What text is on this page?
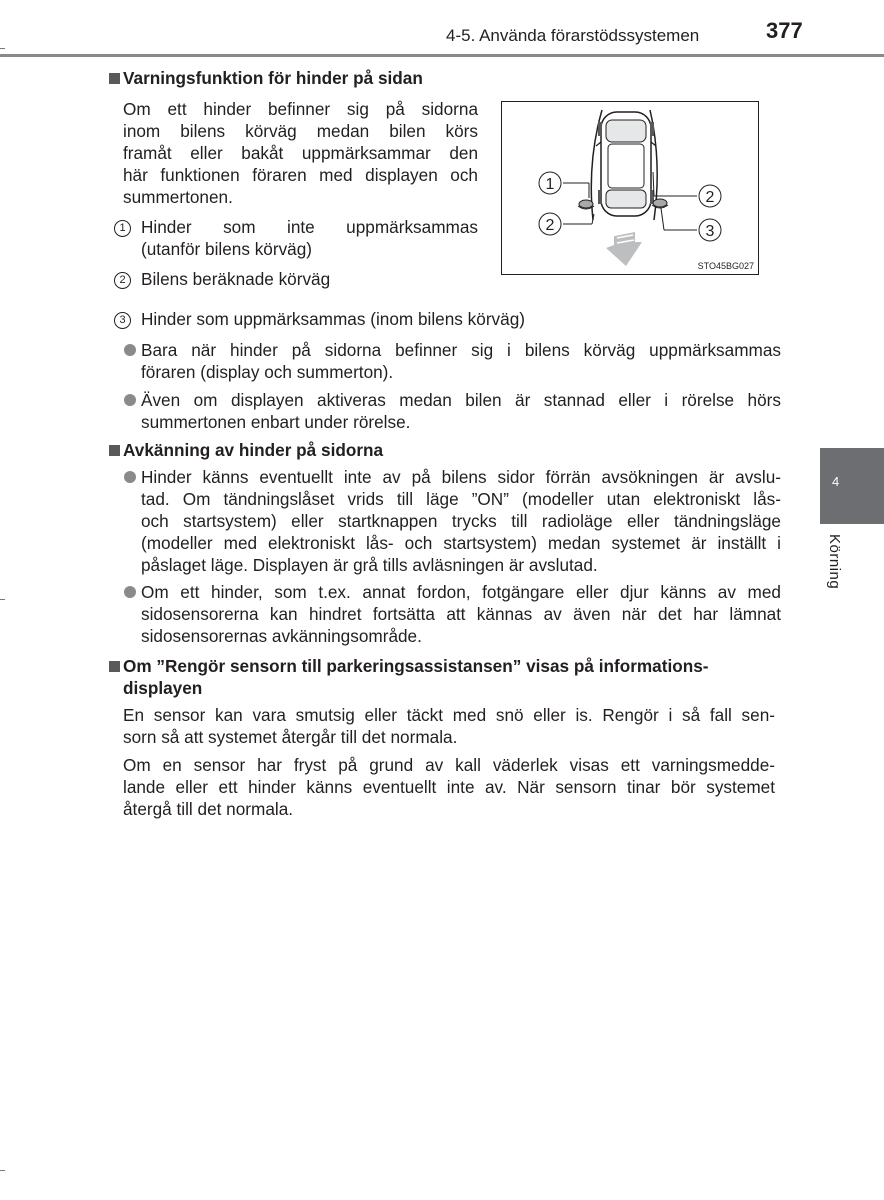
4-5. Använda förarstödssystemen	377
4
Körning
Varningsfunktion för hinder på sidan
Om ett hinder befinner sig på sidorna
inom bilens körväg medan bilen körs
framåt eller bakåt uppmärksammar den
här funktionen föraren med displayen och
summertonen.
1 Hinder som inte uppmärksammas
(utanför bilens körväg)
2 Bilens beräknade körväg
3 Hinder som uppmärksammas (inom bilens körväg)
Bara när hinder på sidorna befinner sig i bilens körväg uppmärksammas
föraren (display och summerton).
Även om displayen aktiveras medan bilen är stannad eller i rörelse hörs
summertonen enbart under rörelse.
1
2
2
3
STO45BG027
Avkänning av hinder på sidorna
Hinder känns eventuellt inte av på bilens sidor förrän avsökningen är avslu-
tad. Om tändningslåset vrids till läge ”ON” (modeller utan elektroniskt lås-
och startsystem) eller startknappen trycks till radioläge eller tändningsläge
(modeller med elektroniskt lås- och startsystem) medan systemet är inställt i
påslaget läge. Displayen är grå tills avläsningen är avslutad.
Om ett hinder, som t.ex. annat fordon, fotgängare eller djur känns av med
sidosensorerna kan hindret fortsätta att kännas av även när det har lämnat
sidosensorernas avkänningsområde.
Om ”Rengör sensorn till parkeringsassistansen” visas på informations-
displayen
En sensor kan vara smutsig eller täckt med snö eller is. Rengör i så fall sen-
sorn så att systemet återgår till det normala.
Om en sensor har fryst på grund av kall väderlek visas ett varningsmedde-
lande eller ett hinder känns eventuellt inte av. När sensorn tinar bör systemet
återgå till det normala.
